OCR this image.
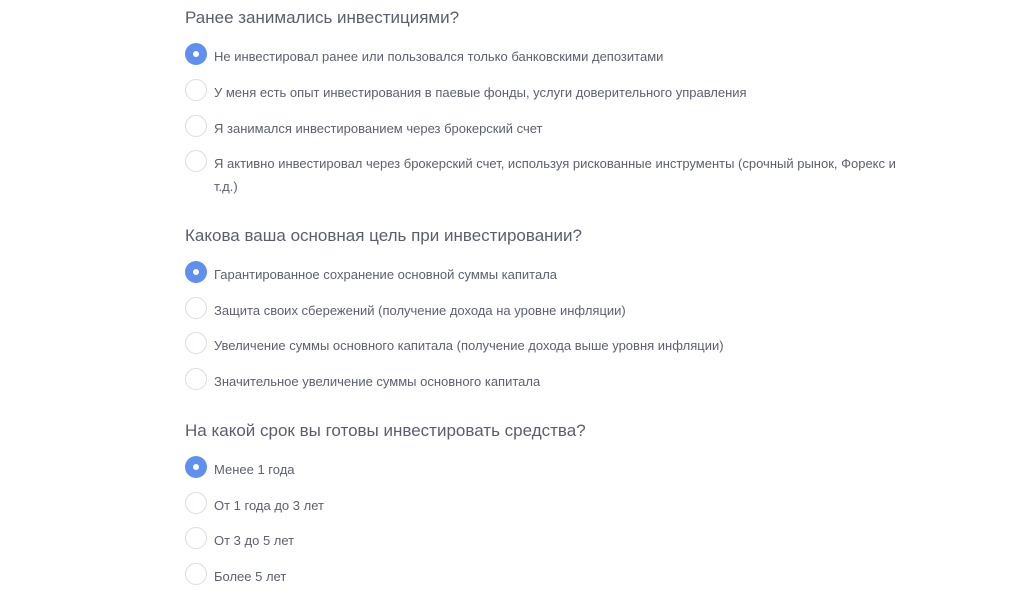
Ранее занимались инвестициями?
Не инвестировал ранее или пользовался только банковскими депозитами
У меня есть опыт инвестирования в паевые фонды, услуги доверительного управления
Я занимался инвестированием через брокерский счет
Я активно инвестировал через брокерский счет, используя рискованные инструменты (срочный рынок, Форекс и т.д.)
Какова ваша основная цель при инвестировании?
Гарантированное сохранение основной суммы капитала
Защита своих сбережений (получение дохода на уровне инфляции)
Увеличение суммы основного капитала (получение дохода выше уровня инфляции)
Значительное увеличение суммы основного капитала
На какой срок вы готовы инвестировать средства?
Менее 1 года
От 1 года до 3 лет
От 3 до 5 лет
Более 5 лет
